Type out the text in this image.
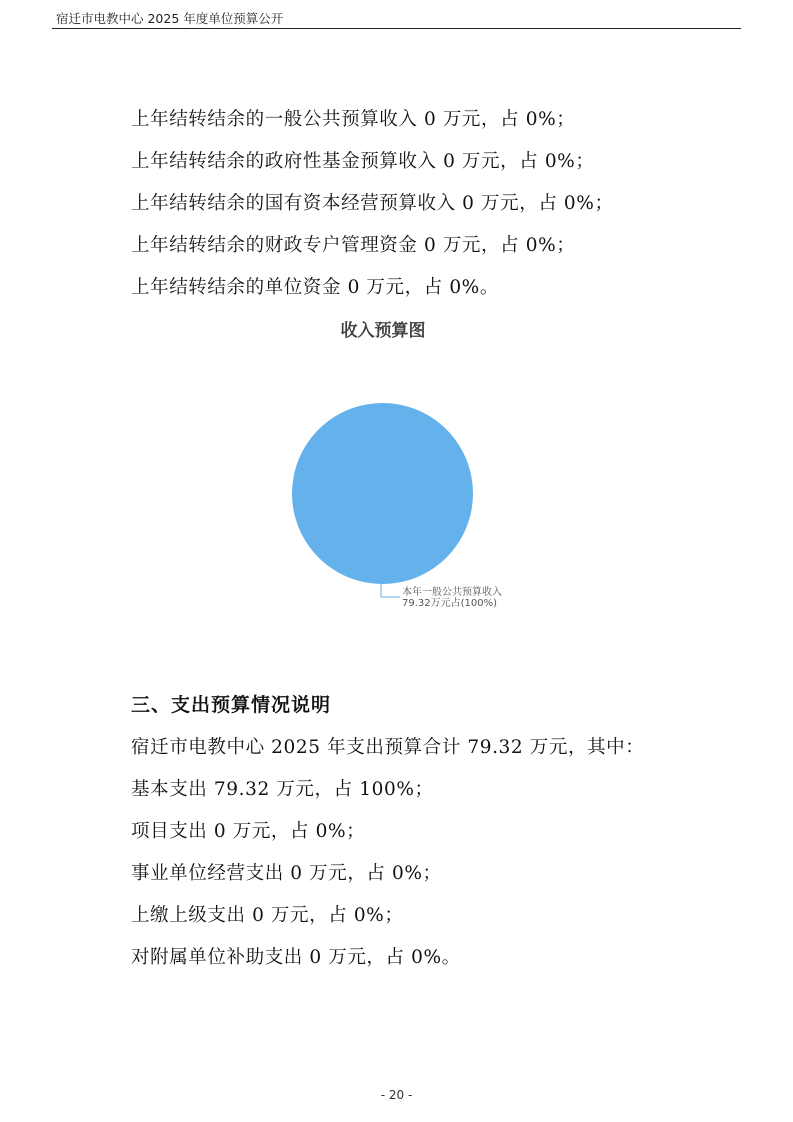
宿迁市电教中心 2025 年度单位预算公开
上年结转结余的一般公共预算收入 0 万元，占 0%；
上年结转结余的政府性基金预算收入 0 万元，占 0%；
上年结转结余的国有资本经营预算收入 0 万元，占 0%；
上年结转结余的财政专户管理资金 0 万元，占 0%；
上年结转结余的单位资金 0 万元，占 0%。
收入预算图
本年一般公共预算收入
79.32万元占(100%)
三、支出预算情况说明
宿迁市电教中心 2025 年支出预算合计 79.32 万元，其中：
基本支出 79.32 万元，占 100%；
项目支出 0 万元，占 0%；
事业单位经营支出 0 万元，占 0%；
上缴上级支出 0 万元，占 0%；
对附属单位补助支出 0 万元，占 0%。
- 20 -
